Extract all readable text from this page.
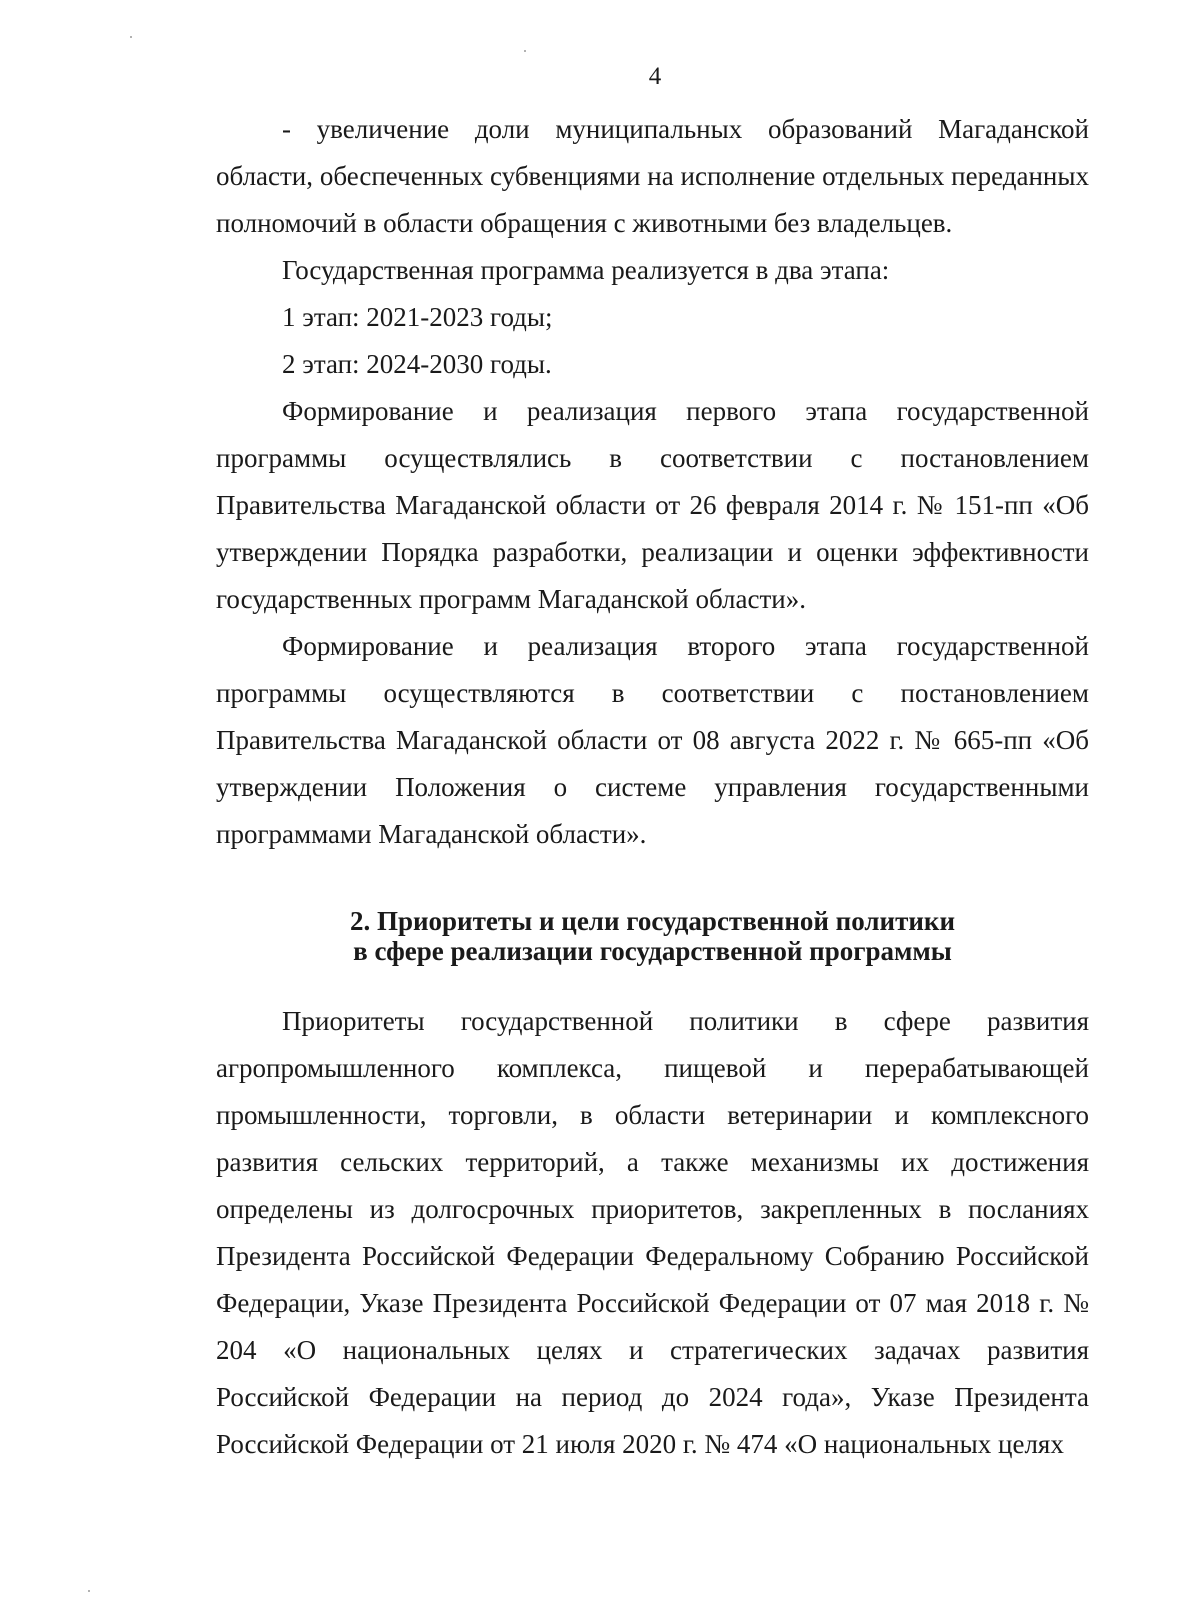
4

- увеличение доли муниципальных образований Магаданской области, обеспеченных субвенциями на исполнение отдельных переданных полномочий в области обращения с животными без владельцев.

Государственная программа реализуется в два этапа:

1 этап: 2021-2023 годы;

2 этап: 2024-2030 годы.

Формирование и реализация первого этапа государственной программы осуществлялись в соответствии с постановлением Правительства Магаданской области от 26 февраля 2014 г. № 151-пп «Об утверждении Порядка разработки, реализации и оценки эффективности государственных программ Магаданской области».

Формирование и реализация второго этапа государственной программы осуществляются в соответствии с постановлением Правительства Магаданской области от 08 августа 2022 г. № 665-пп «Об утверждении Положения о системе управления государственными программами Магаданской области».

2. Приоритеты и цели государственной политики
в сфере реализации государственной программы

Приоритеты государственной политики в сфере развития агропромышленного комплекса, пищевой и перерабатывающей промышленности, торговли, в области ветеринарии и комплексного развития сельских территорий, а также механизмы их достижения определены из долгосрочных приоритетов, закрепленных в посланиях Президента Российской Федерации Федеральному Собранию Российской Федерации, Указе Президента Российской Федерации от 07 мая 2018 г. № 204 «О национальных целях и стратегических задачах развития Российской Федерации на период до 2024 года», Указе Президента Российской Федерации от 21 июля 2020 г. № 474 «О национальных целях
